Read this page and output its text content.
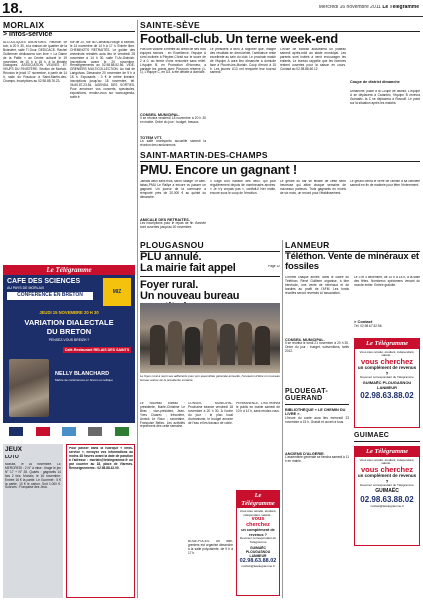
18.	Mercredi 16 novembre 2011 Le Télégramme
MORLAIX
> Infos-service
ALCOOLIQUES ANONYMES. Réunion ce soir, à 20 h 30, à la maison de quartier de la Boissière, salle Ti Dour. DEDICACE. Rachel Guillermer dédicacera son livre « La Dame de la Paille » au Centre culturel le 19 novembre, de 10 h à 18 h, à la librairie Dialogues. ASSOCIATION VEUVES ET VEUFS DU FINISTÈRE. Section de Morlaix. Réunion le jeudi 17 novembre, à partir de 14 h, salle du Roudour à Saint-Martin-des-Champs. Inscriptions au 02.98.88.76.23.
rue de 20, rue du Carnaval-Rouge à Morlaix, le 14 novembre de 14 h à 17 h. Entrée libre. CHEMINOTS RETRAITÉS. Le goûter des cheminots retraités aura lieu le vendredi 25 novembre à 14 h 30, salle Ti-Ar-Gwinizh. Inscriptions avant le 20 novembre. Renseignements au 02.98.88.52.56. VIDE-GRENIERS MULTICOLLECTION. Au hall de Langolvas. Dimanche 20 novembre de 9 h à 18 h. Exposants : 3 € le mètre linéaire. Inscriptions jusqu'au 18 novembre, tél. 06.80.87.23.54. AGENDA DES SORTIES. Pour annoncer vos concerts, spectacles, expositions, rendez-vous sur www.agenda-sortir.fr
Le Télégramme
CAFÉ DES SCIENCES
AU PAYS DE MORLAIX
CONFÉRENCE EN BRETON	MIZ
JEUDI 15 NOVEMBRE 20 H 30
VARIATION DIALECTALE
DU BRETON
PENSEZ-VOUS BREIZH ?
Café-Restaurant RELAIS DES SAINTS
NELLY BLANCHARD
Maître de conférences en breton et celtique
JEUX
LOTO
Morlaix, le 16 novembre. LE MERCREDI : 2 N° à mise : tirage le jeu N° 17 + N° 28. Quarts : gagnants 14 fois 2 fois. Morlaix, le 16 novembre. Entrée 16 € la partie. Le Gourmet : 5 € la partie, 10 € le carton. Soit 1.000 €. Sources : Française des Jeux.
Pour passer dans la rubrique « Infos-service », envoyez vos informations au moins 48 heures avant la date de parution à l'adresse : morlaix@letelegramme.fr ou par courrier au 18, place de Viarmes. Renseignements : 02.98.88.42.00.
SAINTE-SÈVE
Football-club. Un terne week-end
Pas une victoire à mettre au crédit de ses trois équipes seniors : en Excellence, l'équipe A s'est inclinée à Pleyber-Christ sur le score de 2 à 0, au terme d'une rencontre sans relief. L'équipe B, en Promotion d'Honneur, a partagé les points avec Plouvorn réserve (1-1). L'équipe C, en D3, a été défaite à domicile.
Le président a tenu à rappeler que, malgré des résultats en demi-teinte, l'ambiance reste excellente au sein du club. Le prochain match de l'équipe A aura lieu dimanche à domicile face à Plourin-lès-Morlaix. Coup d'envoi à 15 h. Les jeunes U13 ont remporté leur tournoi samedi.
L'école de football accueillera un plateau samedi après-midi au stade municipal. Les parents sont invités à venir encourager les enfants. Le bureau rappelle que les licences restent ouvertes pour la saison en cours. Contact au 02.98.88.60.12.
Coupe de district dimanche
Dimanche, place à la Coupe de district. L'équipe A se déplacera à Carantec, l'équipe B recevra Guimaëc, la C se déplacera à Roscoff. Le point sur la situation après les matchs.
CONSEIL MUNICIPAL.
Il se réunira vendredi 18 novembre à 20 h 30 en mairie. Ordre du jour : budget, travaux.
TOTEM VTT.
La salle omnisports accueille samedi la réunion des randonneurs.
SAINT-MARTIN-DES-CHAMPS
PMU. Encore un gagnant !
Jamais deux sans trois, selon l'adage : le café-tabac-PMU Le Rallye a encore vu passer un gagnant. Un joueur de la commune a remporté près de 20.000 € au quinté du dimanche.
Il s'agit d'un habitué des lieux, qui joue régulièrement depuis de nombreuses années. « Je n'y croyais pas », confiait-il hier matin, encore sous le coup de l'émotion.
Le gérant du bar se félicite de cette série heureuse qui attire chaque semaine de nouveaux parieurs. Trois gagnants en moins de six mois, un record pour l'établissement.
Le gérant offrira le verre de l'amitié à sa clientèle samedi en fin de matinée pour fêter l'événement.
AMICALE DES RETRAITÉS.
Les inscriptions pour le repas de fin d'année sont ouvertes jusqu'au 30 novembre.
PLOUGASNOU
PLU annulé.
La mairie fait appel	Page 12
Foyer rural.
Un nouveau bureau
Le foyer rural a réuni ses adhérents pour son assemblée générale annuelle, l'occasion d'élire un nouveau bureau autour de la présidente sortante.
Le nouveau bureau : présidente, Marie-Christine Le Bras ; vice-président, Jean-Yves Cloarec ; trésorière, Annick Le Roux ; secrétaire, Françoise Bellec. Les activités reprennent dès cette semaine.
CONSEIL MUNICIPAL. Prochaine séance vendredi 18 novembre à 20 h 30. À l'ordre du jour : le plan local d'urbanisme, le budget annexe de l'eau et les travaux de voirie.
PERMANENCE. L'élu recevra le public en mairie samedi de 10 h à 12 h, sans rendez-vous.
BOUE-PUCES. Un vide-greniers est organisé dimanche à la salle polyvalente, de 9 h à 17 h.
Le Télégramme
Vous êtes retraité, étudiant, indépendant, salarié...
vous cherchez
un complément de revenus ?
Devenez correspondant du Télégramme
GUIMAËC PLOUGASNOU LANMEUR
02.98.63.88.02
morlaix@letelegramme.fr
LANMEUR
Téléthon. Vente de minéraux et fossiles
Comme chaque année, dans le cadre du Téléthon, René Guillerm organise, à titre bénévole, une vente de minéraux et de fossiles au profit de l'AFM. Les fonds récoltés seront reversés à l'association.
Le 3 et 4 décembre, de 10 h à 18 h, à la salle des fêtes. Nombreux spécimens venant du monde entier. Entrée gratuite.
> Contact
Tél. 02.98.67.52.56.
CONSEIL MUNICIPAL.
Il se réunira le lundi 21 novembre à 20 h 30. Ordre du jour : budget, subventions, tarifs 2012.
Le Télégramme
Vous êtes retraité, étudiant, indépendant, salarié...
vous cherchez
un complément de revenus ?
Devenez correspondant du Télégramme
GUIMAËC PLOUGASNOU LANMEUR
02.98.63.88.02
PLOUÉGAT-GUERAND
BIBLIOTHÈQUE « LE CHEMIN DU LIVRE ».
L'heure du conte aura lieu mercredi 23 novembre à 15 h. Gratuit et ouvert à tous.
ANCIENS D'ALGÉRIE.
L'assemblée générale se tiendra samedi à 11 h en mairie.
GUIMAËC
Le Télégramme
Vous êtes retraité, étudiant, indépendant, salarié...
vous cherchez
un complément de revenus ?
Devenez correspondant du Télégramme
GUIMAËC
02.98.63.88.02
morlaix@letelegramme.fr
